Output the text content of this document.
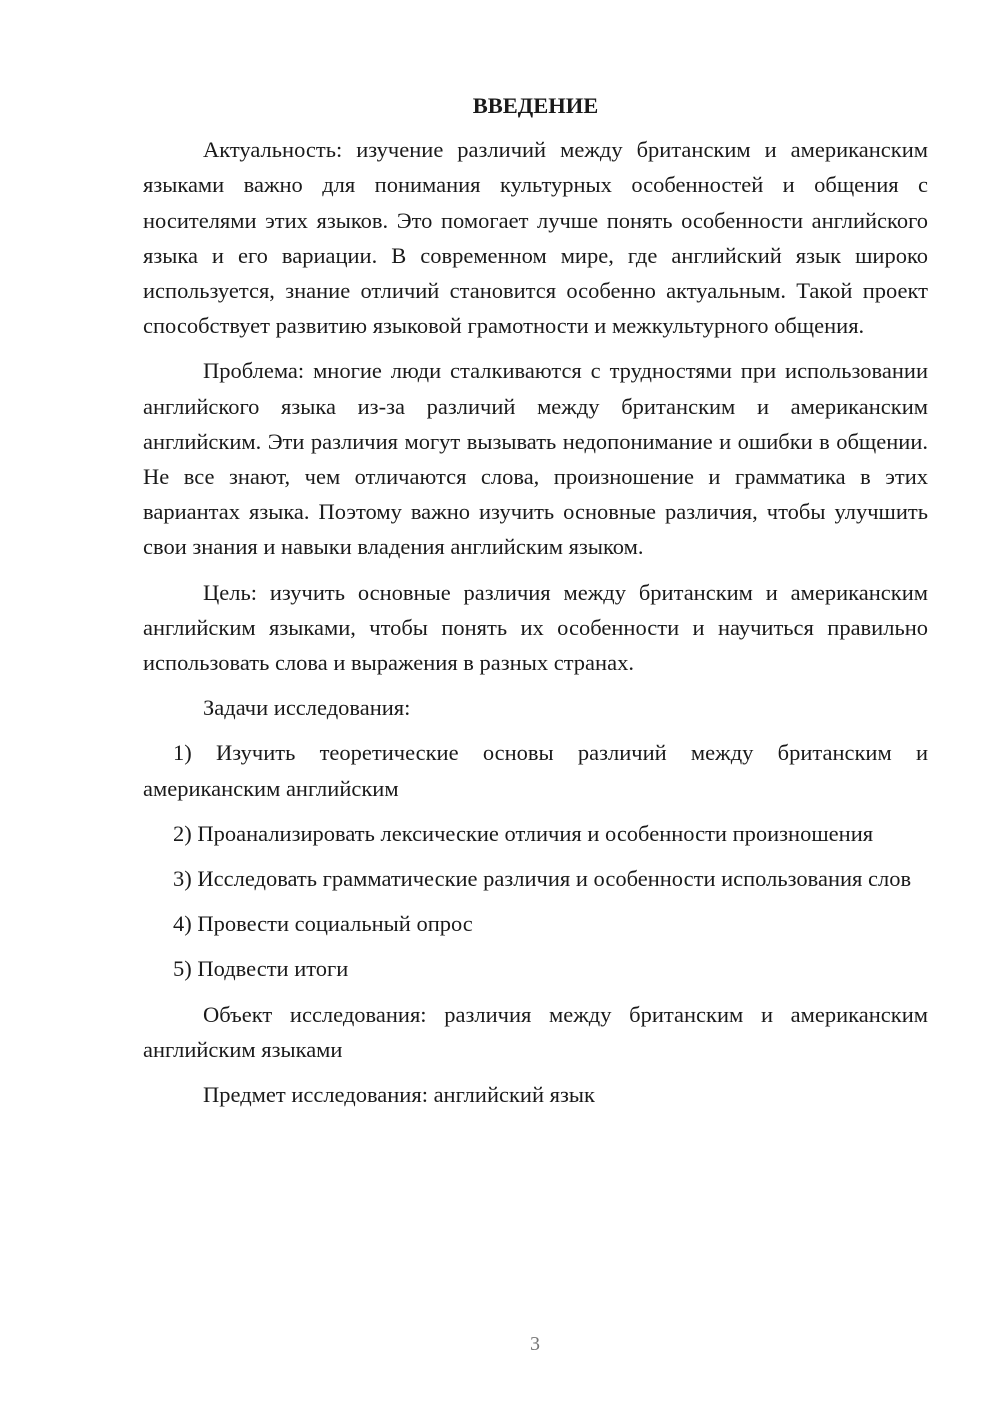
ВВЕДЕНИЕ

Актуальность: изучение различий между британским и американским языками важно для понимания культурных особенностей и общения с носителями этих языков. Это помогает лучше понять особенности английского языка и его вариации. В современном мире, где английский язык широко используется, знание отличий становится особенно актуальным. Такой проект способствует развитию языковой грамотности и межкультурного общения.

Проблема: многие люди сталкиваются с трудностями при использовании английского языка из-за различий между британским и американским английским. Эти различия могут вызывать недопонимание и ошибки в общении. Не все знают, чем отличаются слова, произношение и грамматика в этих вариантах языка. Поэтому важно изучить основные различия, чтобы улучшить свои знания и навыки владения английским языком.

Цель: изучить основные различия между британским и американским английским языками, чтобы понять их особенности и научиться правильно использовать слова и выражения в разных странах.

Задачи исследования:

1) Изучить теоретические основы различий между британским и американским английским

2) Проанализировать лексические отличия и особенности произношения

3) Исследовать грамматические различия и особенности использования слов

4) Провести социальный опрос

5) Подвести итоги

Объект исследования: различия между британским и американским английским языками

Предмет исследования: английский язык

3
